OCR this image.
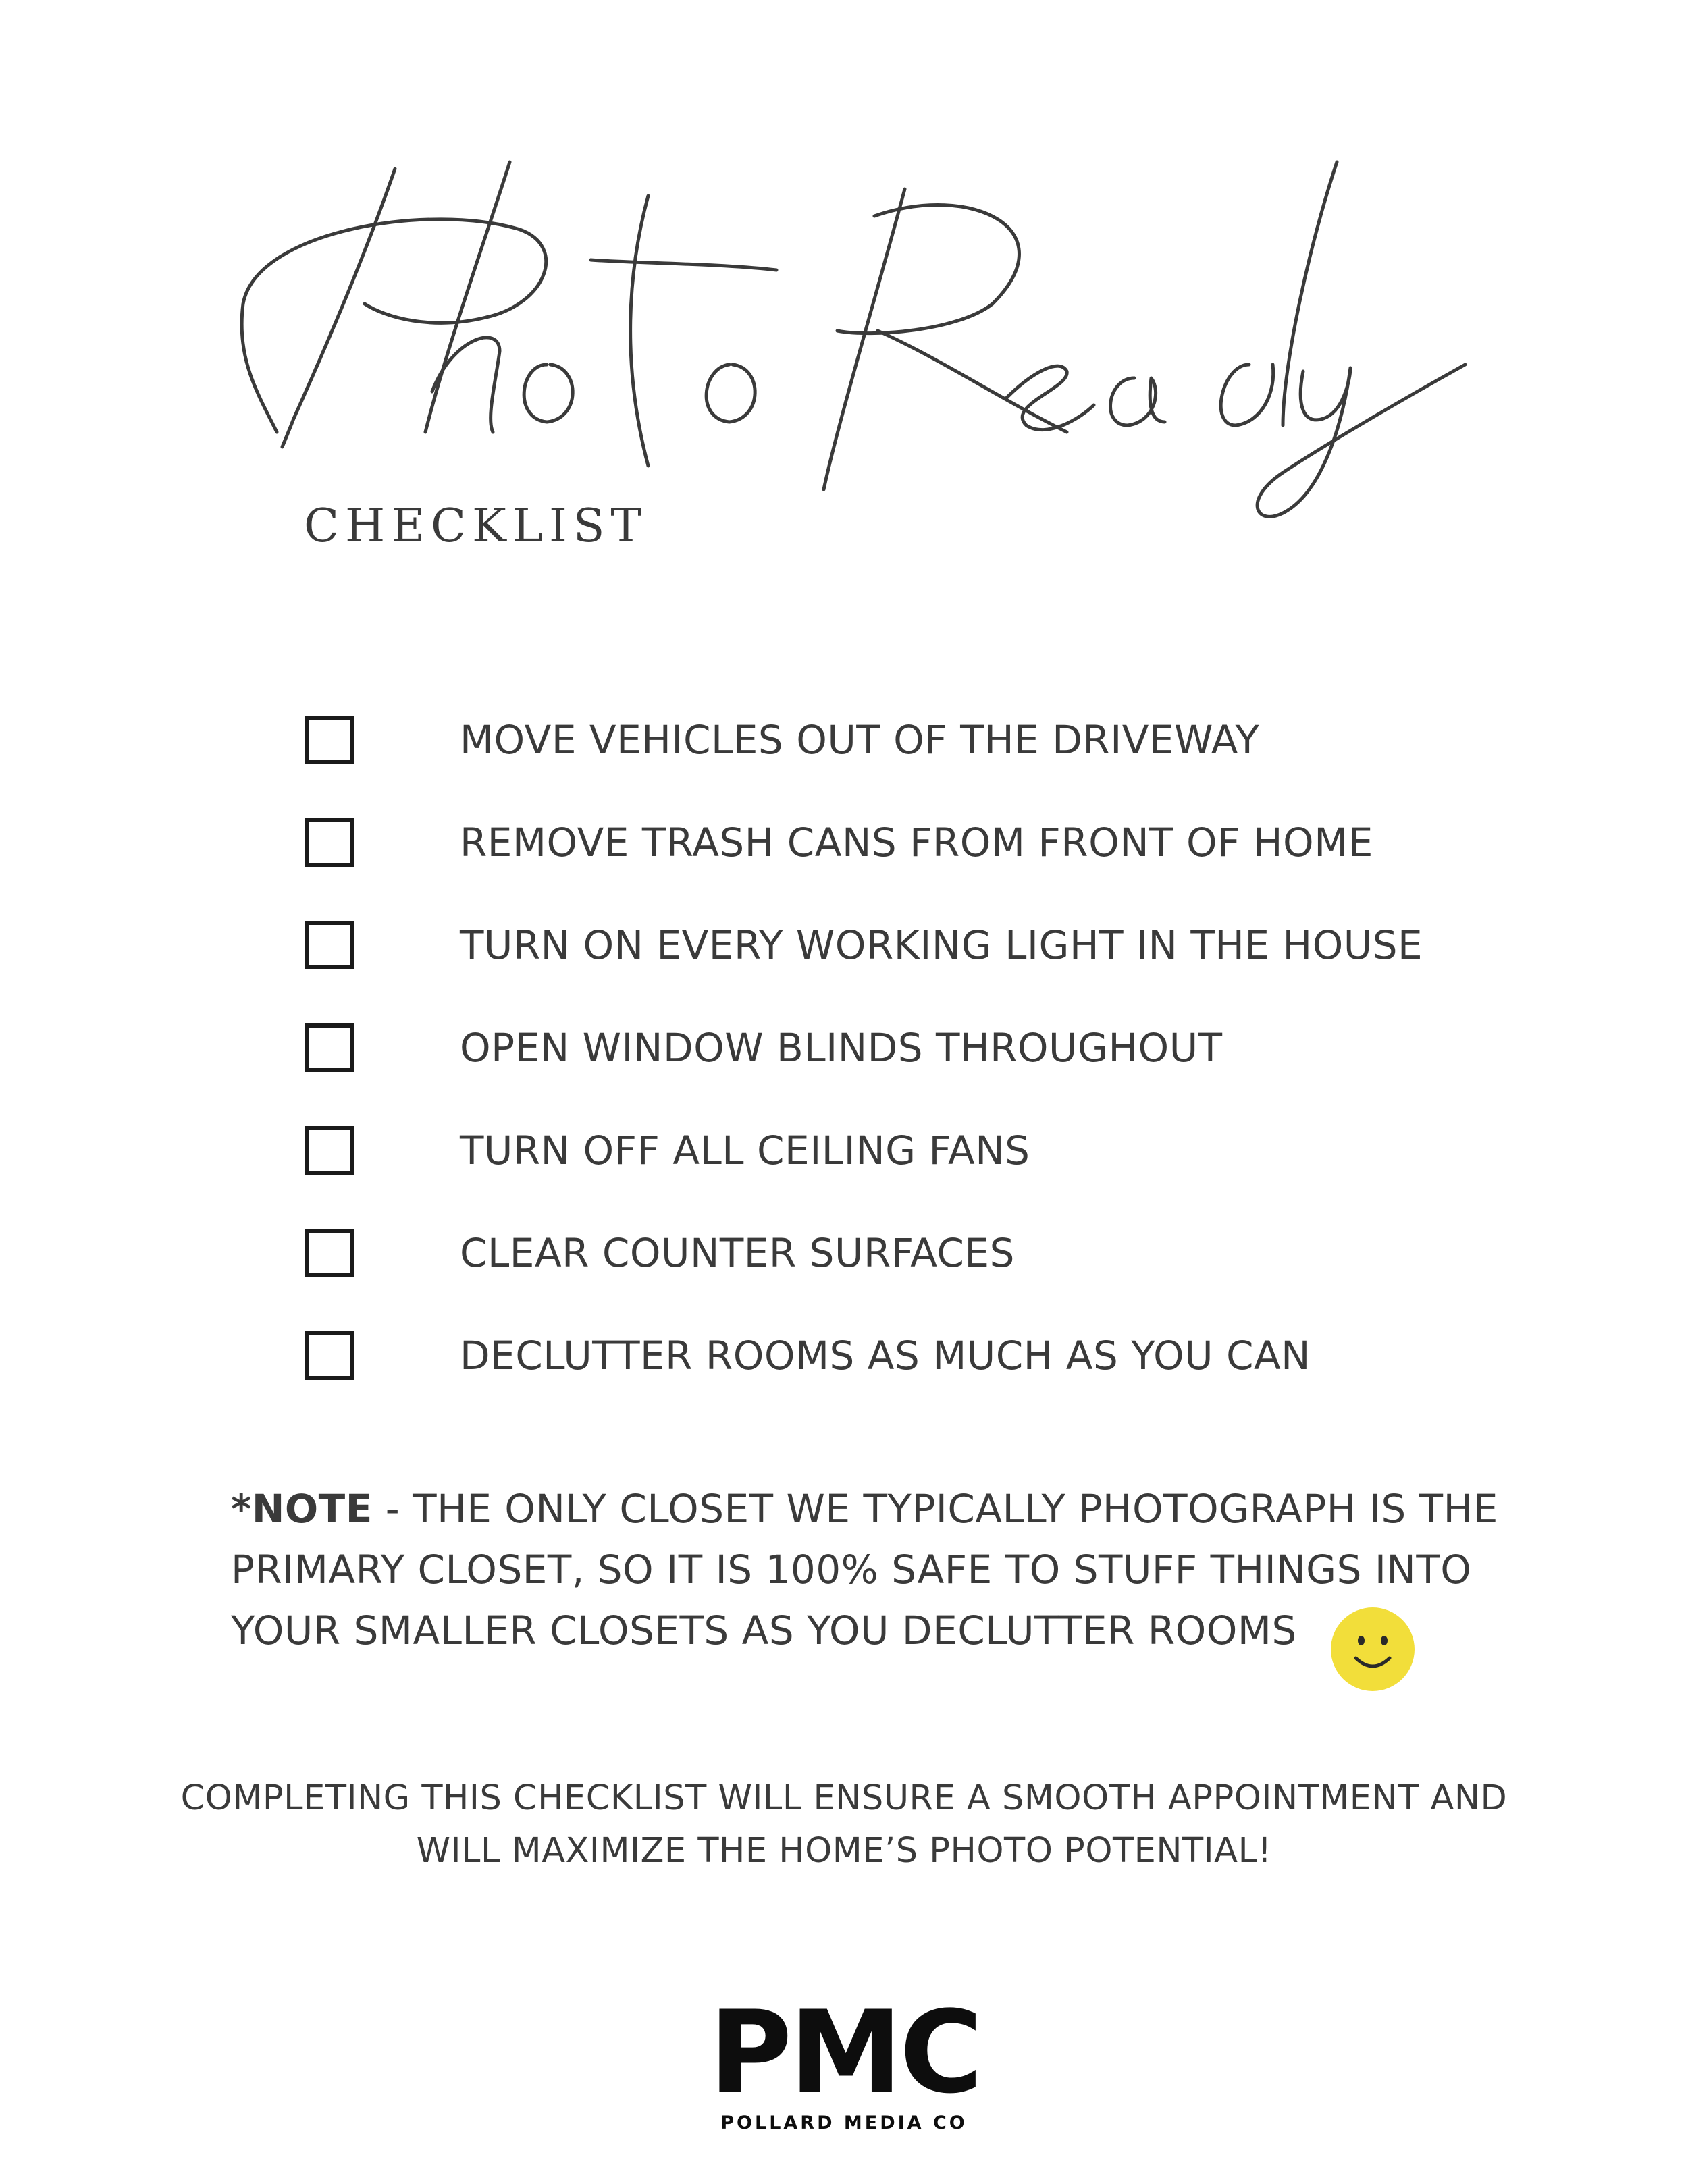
CHECKLIST
MOVE VEHICLES OUT OF THE DRIVEWAY
REMOVE TRASH CANS FROM FRONT OF HOME
TURN ON EVERY WORKING LIGHT IN THE HOUSE
OPEN WINDOW BLINDS THROUGHOUT
TURN OFF ALL CEILING FANS
CLEAR COUNTER SURFACES
DECLUTTER ROOMS AS MUCH AS YOU CAN
*NOTE - THE ONLY CLOSET WE TYPICALLY PHOTOGRAPH IS THE PRIMARY CLOSET, SO IT IS 100% SAFE TO STUFF THINGS INTO YOUR SMALLER CLOSETS AS YOU DECLUTTER ROOMS
COMPLETING THIS CHECKLIST WILL ENSURE A SMOOTH APPOINTMENT AND
WILL MAXIMIZE THE HOME’S PHOTO POTENTIAL!
PMC
POLLARD MEDIA CO
